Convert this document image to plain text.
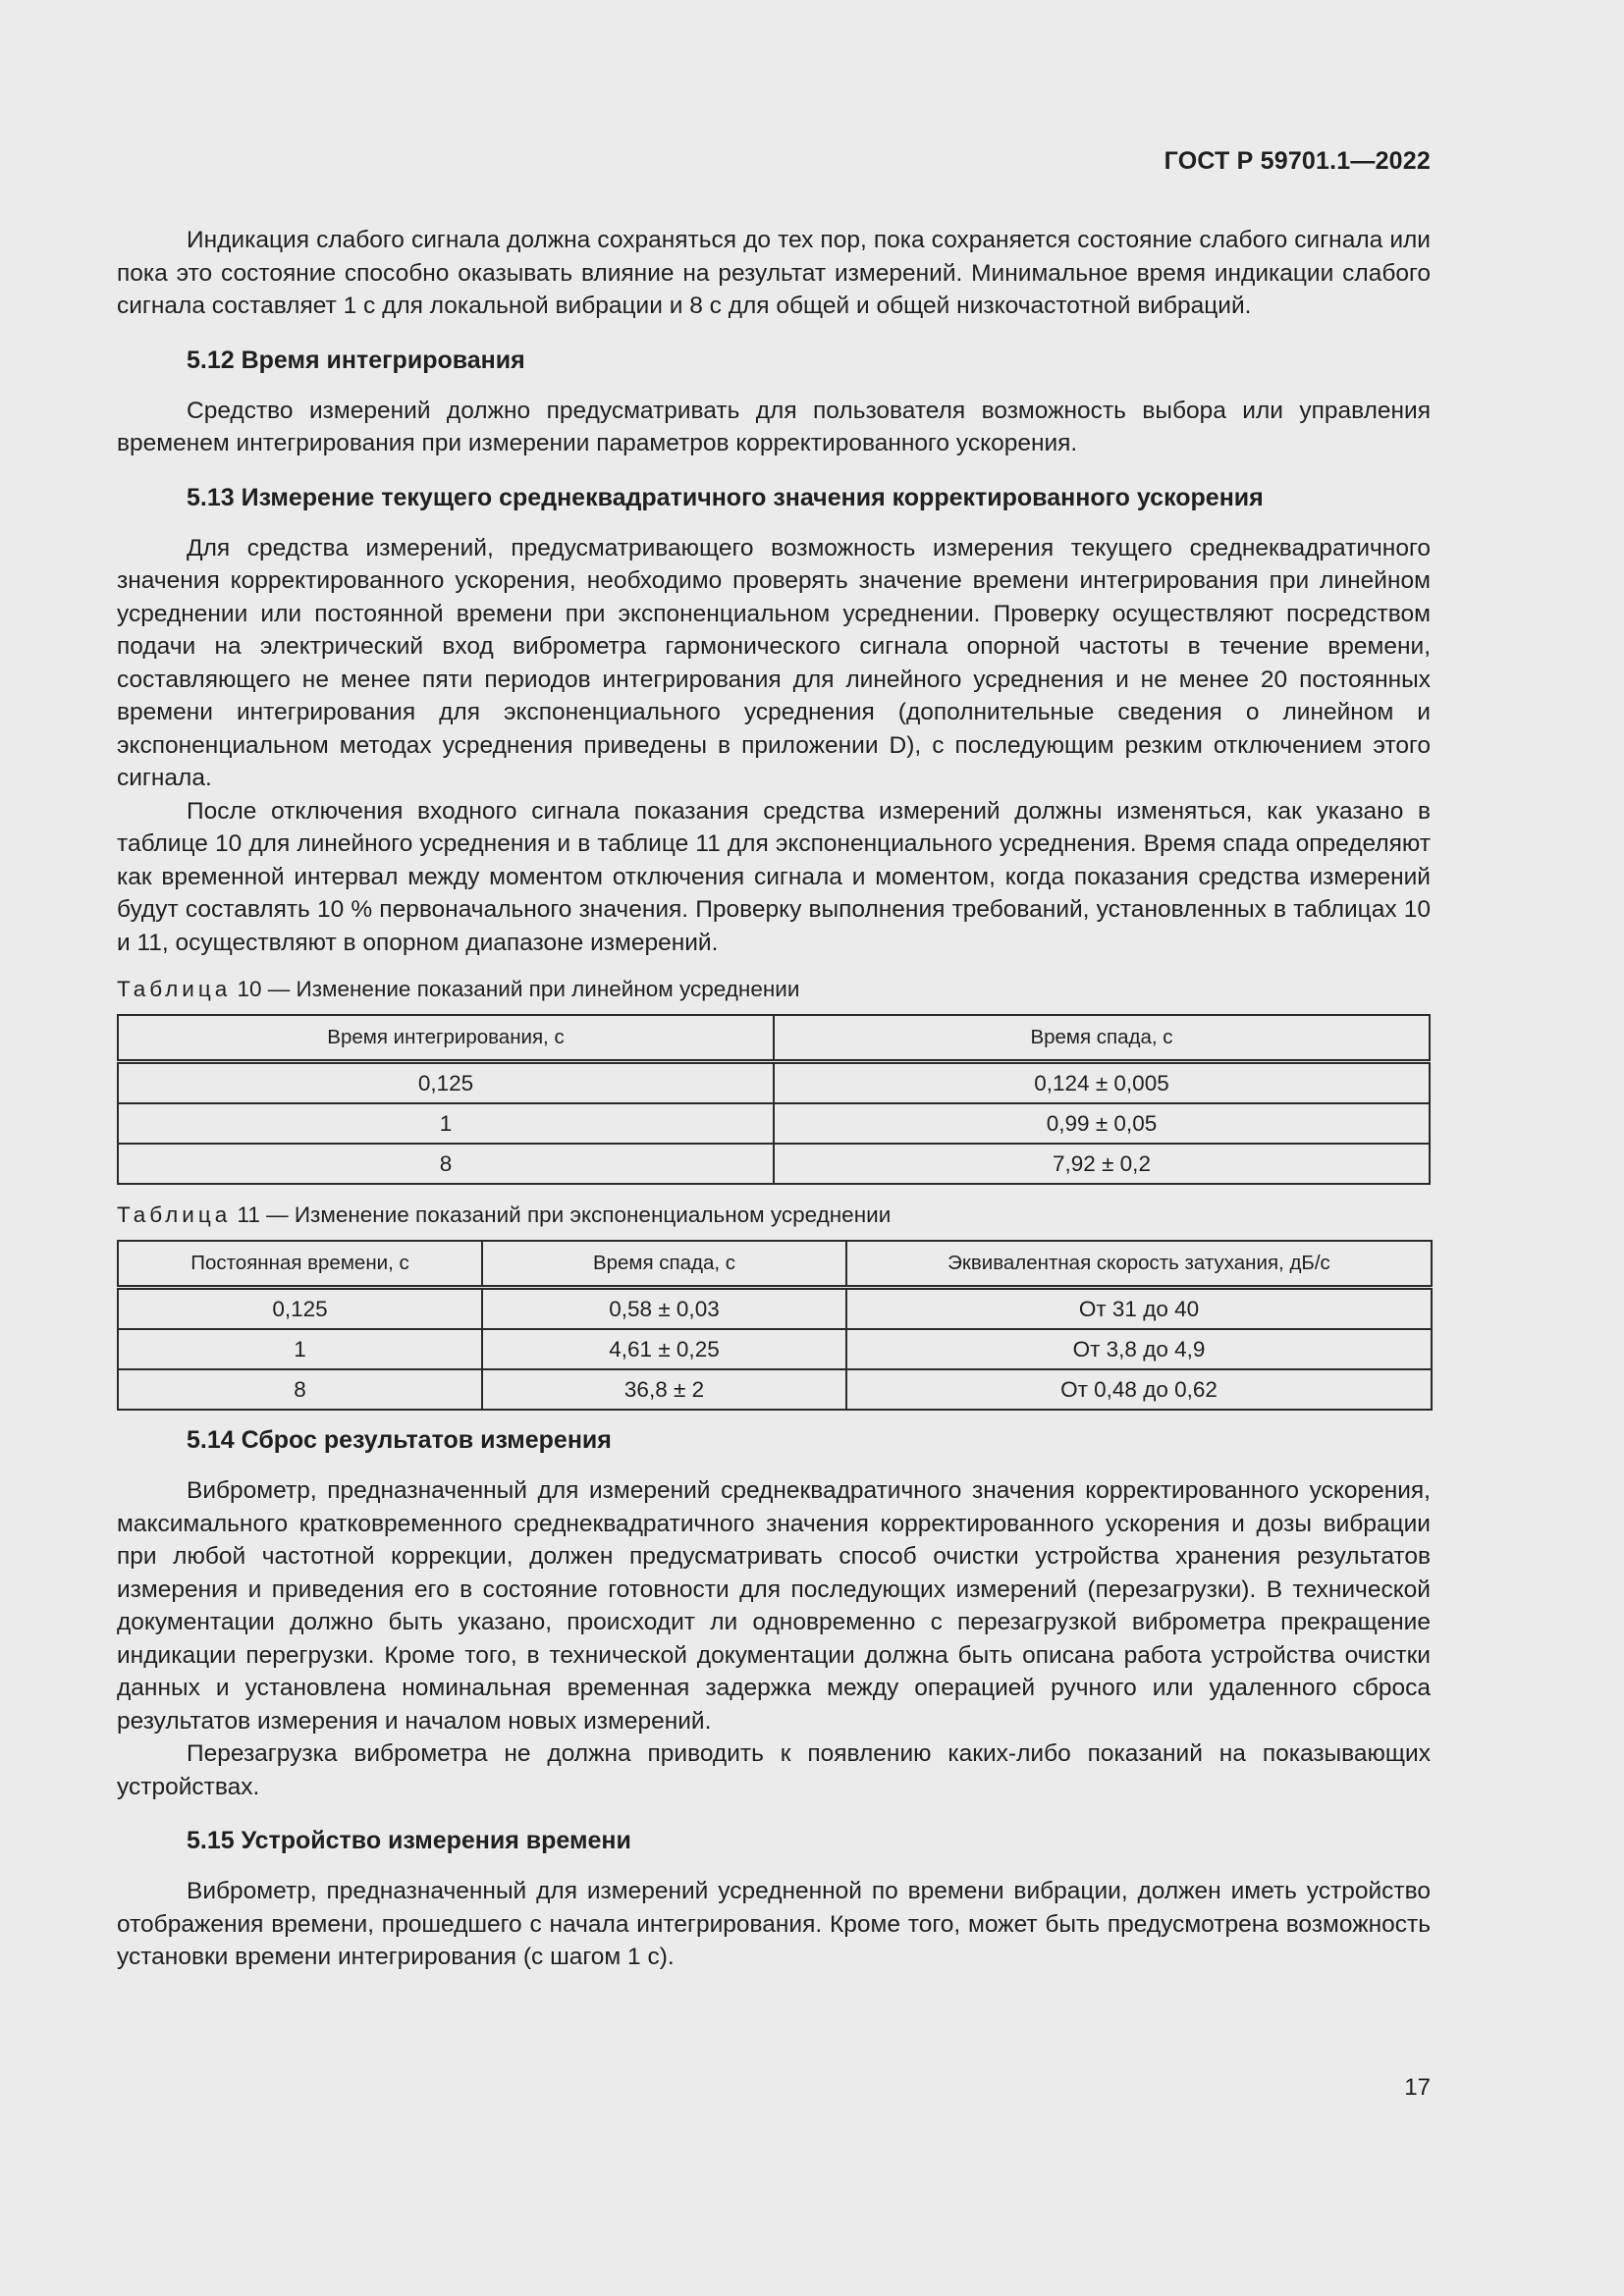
ГОСТ Р 59701.1—2022

Индикация слабого сигнала должна сохраняться до тех пор, пока сохраняется состояние слабого сигнала или пока это состояние способно оказывать влияние на результат измерений. Минимальное время индикации слабого сигнала составляет 1 с для локальной вибрации и 8 с для общей и общей низкочастотной вибраций.

5.12 Время интегрирования

Средство измерений должно предусматривать для пользователя возможность выбора или управления временем интегрирования при измерении параметров корректированного ускорения.

5.13 Измерение текущего среднеквадратичного значения корректированного ускорения

Для средства измерений, предусматривающего возможность измерения текущего среднеквадратичного значения корректированного ускорения, необходимо проверять значение времени интегрирования при линейном усреднении или постоянной времени при экспоненциальном усреднении. Проверку осуществляют посредством подачи на электрический вход виброметра гармонического сигнала опорной частоты в течение времени, составляющего не менее пяти периодов интегрирования для линейного усреднения и не менее 20 постоянных времени интегрирования для экспоненциального усреднения (дополнительные сведения о линейном и экспоненциальном методах усреднения приведены в приложении D), с последующим резким отключением этого сигнала.

После отключения входного сигнала показания средства измерений должны изменяться, как указано в таблице 10 для линейного усреднения и в таблице 11 для экспоненциального усреднения. Время спада определяют как временной интервал между моментом отключения сигнала и моментом, когда показания средства измерений будут составлять 10 % первоначального значения. Проверку выполнения требований, установленных в таблицах 10 и 11, осуществляют в опорном диапазоне измерений.

Таблица 10 — Изменение показаний при линейном усреднении
Время интегрирования, с	Время спада, с
0,125	0,124 ± 0,005
1	0,99 ± 0,05
8	7,92 ± 0,2
Таблица 11 — Изменение показаний при экспоненциальном усреднении
Постоянная времени, с	Время спада, с	Эквивалентная скорость затухания, дБ/с
0,125	0,58 ± 0,03	От 31 до 40
1	4,61 ± 0,25	От 3,8 до 4,9
8	36,8 ± 2	От 0,48 до 0,62
5.14 Сброс результатов измерения

Виброметр, предназначенный для измерений среднеквадратичного значения корректированного ускорения, максимального кратковременного среднеквадратичного значения корректированного ускорения и дозы вибрации при любой частотной коррекции, должен предусматривать способ очистки устройства хранения результатов измерения и приведения его в состояние готовности для последующих измерений (перезагрузки). В технической документации должно быть указано, происходит ли одновременно с перезагрузкой виброметра прекращение индикации перегрузки. Кроме того, в технической документации должна быть описана работа устройства очистки данных и установлена номинальная временная задержка между операцией ручного или удаленного сброса результатов измерения и началом новых измерений.

Перезагрузка виброметра не должна приводить к появлению каких-либо показаний на показывающих устройствах.

5.15 Устройство измерения времени

Виброметр, предназначенный для измерений усредненной по времени вибрации, должен иметь устройство отображения времени, прошедшего с начала интегрирования. Кроме того, может быть предусмотрена возможность установки времени интегрирования (с шагом 1 с).

17
